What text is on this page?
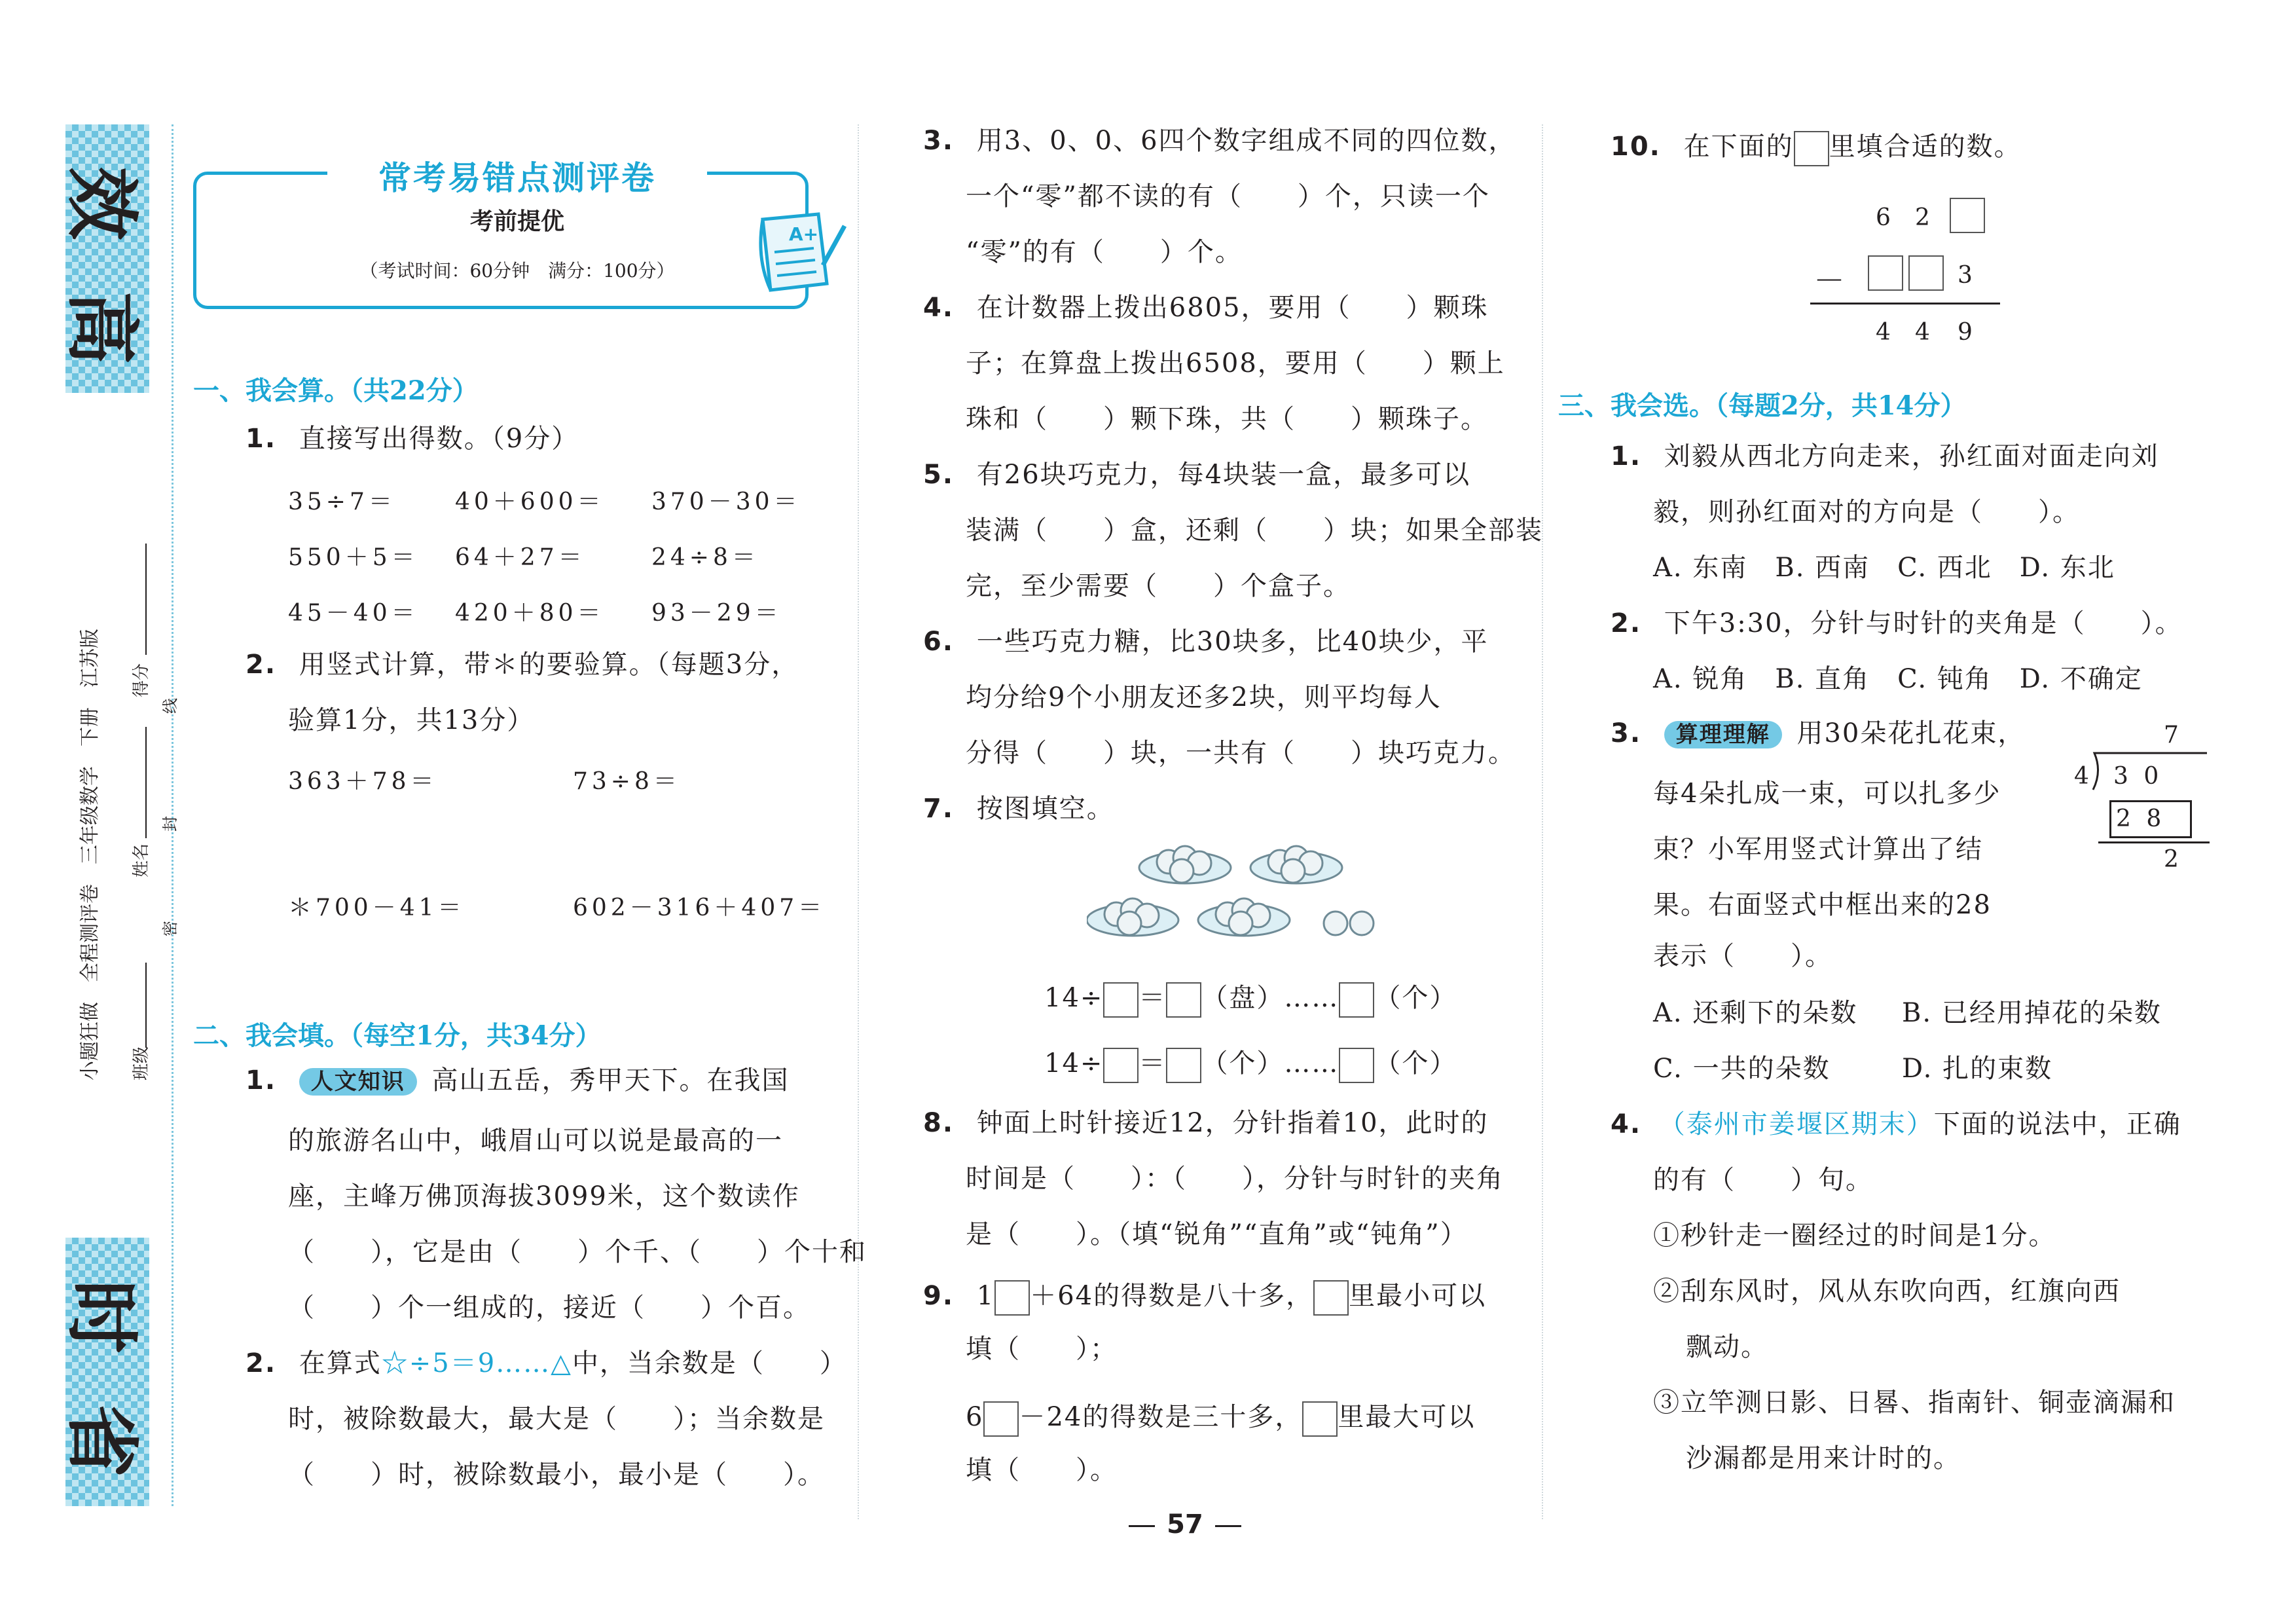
高
效
省
时
小题狂做　全程测评卷　三年级数学　下册　江苏版 班级
姓名
得分
密
封
线
常考易错点测评卷
考前提优
（考试时间：60分钟　满分：100分）
A+
一、我会算。（共22分）
1. 直接写出得数。（9分）
35÷7＝	40＋600＝ 370－30＝
550＋5＝ 64＋27＝	24÷8＝
45－40＝ 420＋80＝ 93－29＝
2. 用竖式计算，带＊的要验算。（每题3分，
验算1分，共13分）
363＋78＝	73÷8＝
＊700－41＝	602－316＋407＝
二、我会填。（每空1分，共34分）
1. 人文知识 高山五岳，秀甲天下。在我国
的旅游名山中，峨眉山可以说是最高的一
座，主峰万佛顶海拔3099米，这个数读作
（　　），它是由（　　）个千、（　　）个十和
（　　）个一组成的，接近（　　）个百。
2. 在算式☆÷5＝9……△中，当余数是（　　）
时，被除数最大，最大是（　　）；当余数是
（　　）时，被除数最小，最小是（　　）。
3. 用3、0、0、6四个数字组成不同的四位数，
一个“零”都不读的有（　　）个，只读一个
“零”的有（　　）个。
4. 在计数器上拨出6805，要用（　　）颗珠
子；在算盘上拨出6508，要用（　　）颗上
珠和（　　）颗下珠，共（　　）颗珠子。
5. 有26块巧克力，每4块装一盒，最多可以
装满（　　）盒，还剩（　　）块；如果全部装
完，至少需要（　　）个盒子。
6. 一些巧克力糖，比30块多，比40块少，平
均分给9个小朋友还多2块，则平均每人
分得（　　）块，一共有（　　）块巧克力。
7. 按图填空。
14÷ ＝ （盘）…… （个）
14÷ ＝ （个）…… （个）
8. 钟面上时针接近12，分针指着10，此时的
时间是（　　）：（　　），分针与时针的夹角
是（　　）。（填“锐角”“直角”或“钝角”）
9. 1 ＋64的得数是八十多， 里最小可以
填（　　）；
6 －24的得数是三十多， 里最大可以
填（　　）。
57
10. 在下面的 里填合适的数。
6 2
－	3
4 4 9
三、我会选。（每题2分，共14分）
1. 刘毅从西北方向走来，孙红面对面走向刘
毅，则孙红面对的方向是（　　）。
A. 东南　B. 西南　C. 西北　D. 东北
2. 下午3:30，分针与时针的夹角是（　　）。
A. 锐角　B. 直角　C. 钝角　D. 不确定
3. 算理理解 用30朵花扎花束，
每4朵扎成一束，可以扎多少
束？小军用竖式计算出了结
果。右面竖式中框出来的28
表示（　　）。
7
4 3 0
2 8
2
A. 还剩下的朵数 B. 已经用掉花的朵数
C. 一共的朵数	D. 扎的束数
4. （泰州市姜堰区期末）下面的说法中，正确
的有（　　）句。
①秒针走一圈经过的时间是1分。
②刮东风时，风从东吹向西，红旗向西
飘动。
③立竿测日影、日晷、指南针、铜壶滴漏和
沙漏都是用来计时的。
